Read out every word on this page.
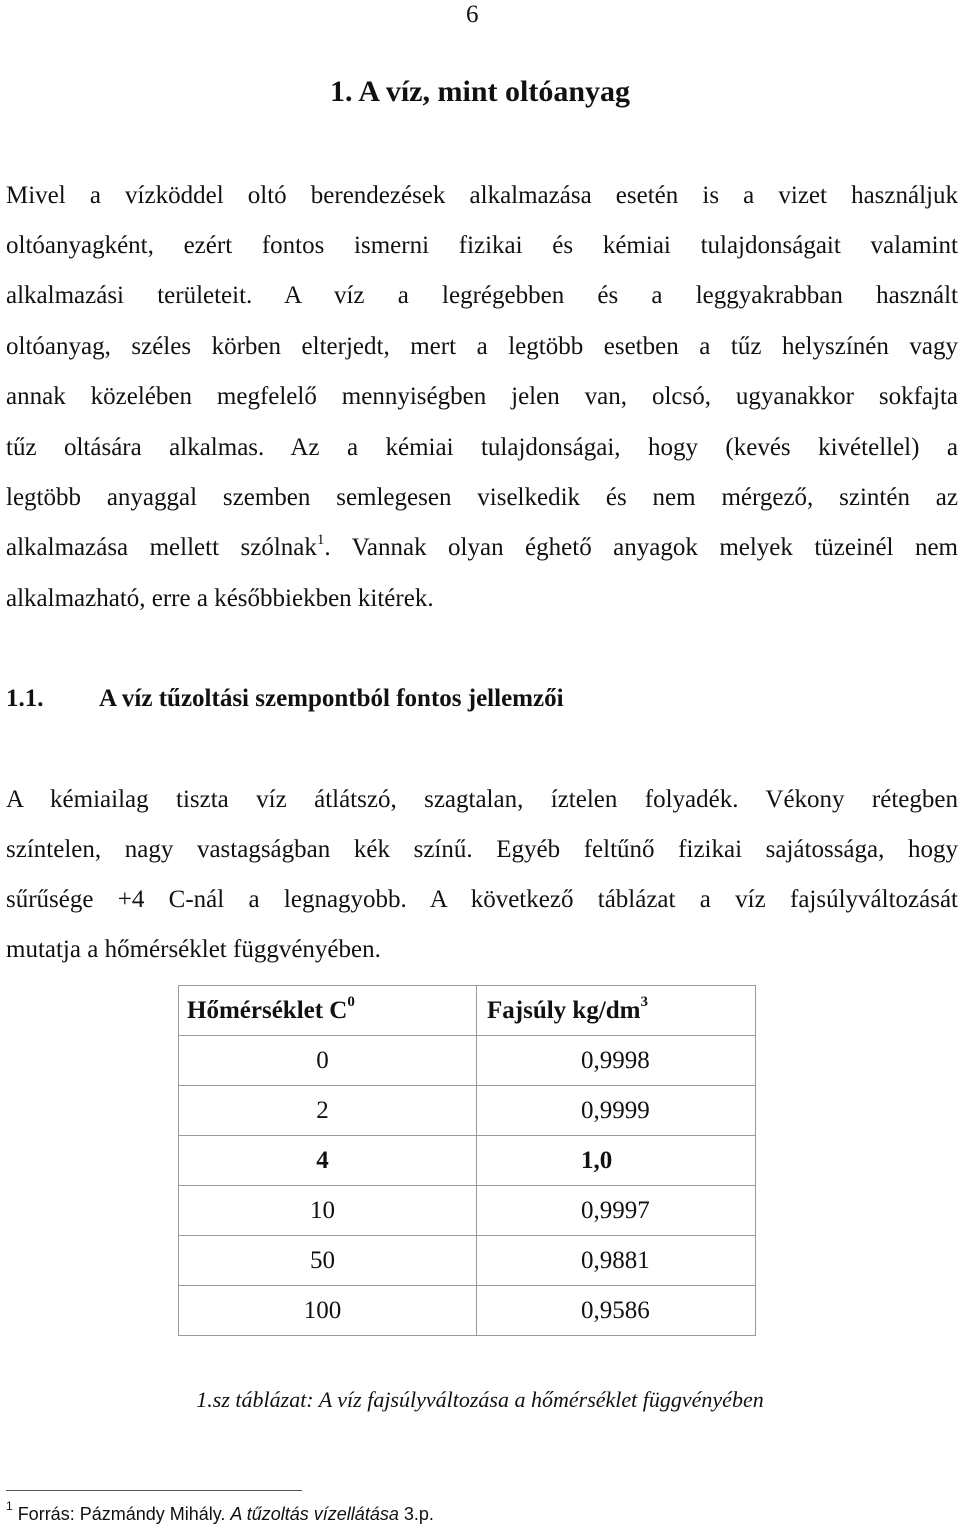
6
1. A víz, mint oltóanyag
Mivel a vízköddel oltó berendezések alkalmazása esetén is a vizet használjuk
oltóanyagként, ezért fontos ismerni fizikai és kémiai tulajdonságait valamint
alkalmazási területeit. A víz a legrégebben és a leggyakrabban használt
oltóanyag, széles körben elterjedt, mert a legtöbb esetben a tűz helyszínén vagy
annak közelében megfelelő mennyiségben jelen van, olcsó, ugyanakkor sokfajta
tűz oltására alkalmas. Az a kémiai tulajdonságai, hogy (kevés kivétellel) a
legtöbb anyaggal szemben semlegesen viselkedik és nem mérgező, szintén az
alkalmazása mellett szólnak$^1$. Vannak olyan éghető anyagok melyek tüzeinél nem
alkalmazható, erre a későbbiekben kitérek.
1.1. A víz tűzoltási szempontból fontos jellemzői
A kémiailag tiszta víz átlátszó, szagtalan, íztelen folyadék. Vékony rétegben
színtelen, nagy vastagságban kék színű. Egyéb feltűnő fizikai sajátossága, hogy
sűrűsége +4 C-nál a legnagyobb. A következő táblázat a víz fajsúlyváltozását
mutatja a hőmérséklet függvényében.
Hőmérséklet $C^0$	Fajsúly $kg/dm^3$
0	0,9998
2	0,9999
4	1,0
10	0,9997
50	0,9881
100	0,9586
1.sz táblázat: A víz fajsúlyváltozása a hőmérséklet függvényében
$^1$ Forrás: Pázmándy Mihály. A tűzoltás vízellátása 3.p.
